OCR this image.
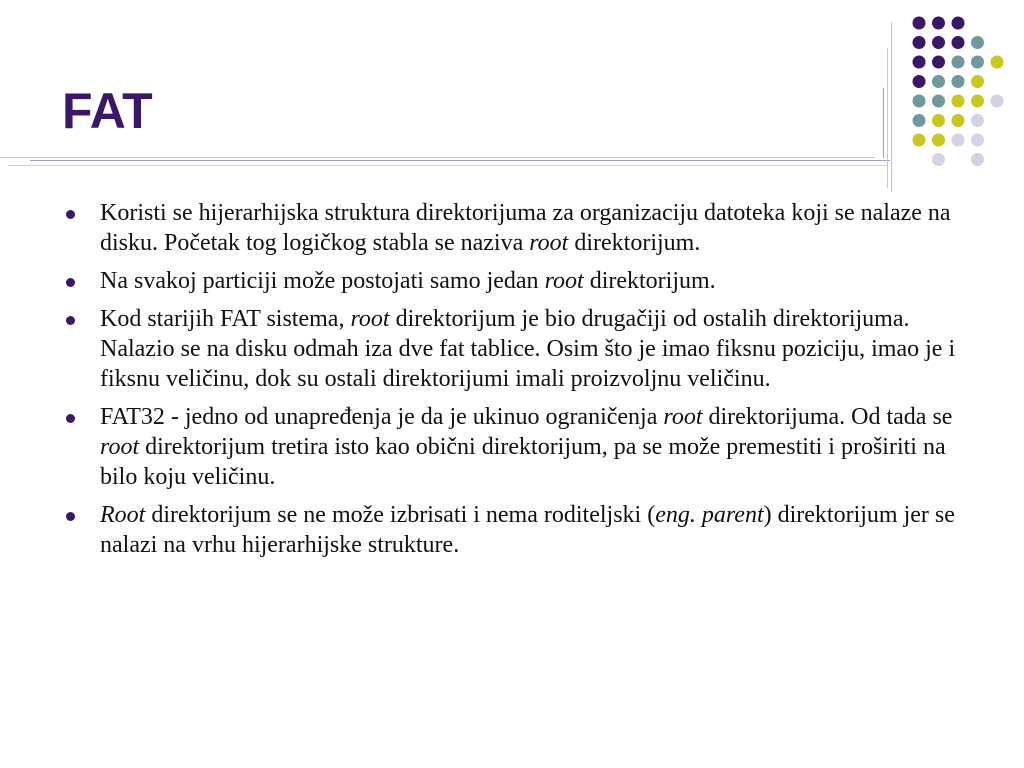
FAT
Koristi se hijerarhijska struktura direktorijuma za organizaciju datoteka koji se nalaze na disku. Početak tog logičkog stabla se naziva root direktorijum.
Na svakoj particiji može postojati samo jedan root direktorijum.
Kod starijih FAT sistema, root direktorijum je bio drugačiji od ostalih direktorijuma. Nalazio se na disku odmah iza dve fat tablice. Osim što je imao fiksnu poziciju, imao je i fiksnu veličinu, dok su ostali direktorijumi imali proizvoljnu veličinu.
FAT32 - jedno od unapređenja je da je ukinuo ograničenja root direktorijuma. Od tada se root direktorijum tretira isto kao obični direktorijum, pa se može premestiti i proširiti na bilo koju veličinu.
Root direktorijum se ne može izbrisati i nema roditeljski (eng. parent) direktorijum jer se nalazi na vrhu hijerarhijske strukture.
